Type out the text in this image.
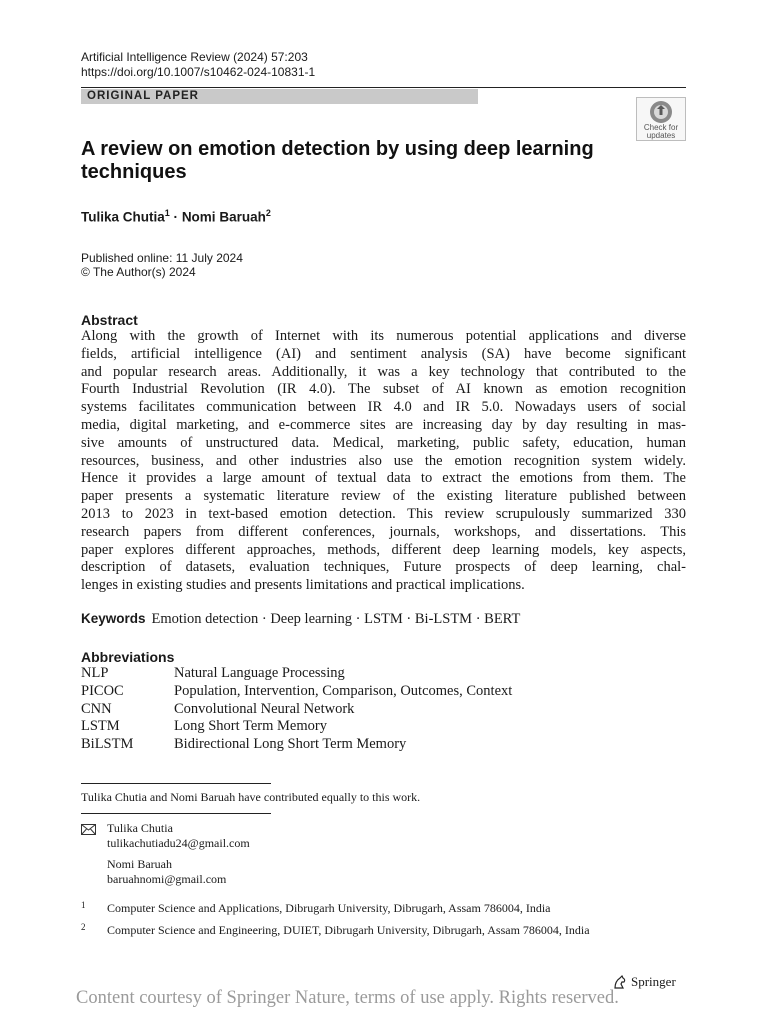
Artificial Intelligence Review (2024) 57:203
https://doi.org/10.1007/s10462-024-10831-1
ORIGINAL PAPER
Check for
updates
A review on emotion detection by using deep learning techniques
Tulika Chutia$^1$ · Nomi Baruah$^2$
Published online: 11 July 2024
© The Author(s) 2024
Abstract
Along with the growth of Internet with its numerous potential applications and diverse
fields, artificial intelligence (AI) and sentiment analysis (SA) have become significant
and popular research areas. Additionally, it was a key technology that contributed to the
Fourth Industrial Revolution (IR 4.0). The subset of AI known as emotion recognition
systems facilitates communication between IR 4.0 and IR 5.0. Nowadays users of social
media, digital marketing, and e-commerce sites are increasing day by day resulting in mas-
sive amounts of unstructured data. Medical, marketing, public safety, education, human
resources, business, and other industries also use the emotion recognition system widely.
Hence it provides a large amount of textual data to extract the emotions from them. The
paper presents a systematic literature review of the existing literature published between
2013 to 2023 in text-based emotion detection. This review scrupulously summarized 330
research papers from different conferences, journals, workshops, and dissertations. This
paper explores different approaches, methods, different deep learning models, key aspects,
description of datasets, evaluation techniques, Future prospects of deep learning, chal-
lenges in existing studies and presents limitations and practical implications.
Keywords Emotion detection · Deep learning · LSTM · Bi-LSTM · BERT
Abbreviations
NLP	Natural Language Processing
PICOC	Population, Intervention, Comparison, Outcomes, Context
CNN	Convolutional Neural Network
LSTM	Long Short Term Memory
BiLSTM	Bidirectional Long Short Term Memory
Tulika Chutia and Nomi Baruah have contributed equally to this work.
Tulika Chutia
tulikachutiadu24@gmail.com
Nomi Baruah
baruahnomi@gmail.com
1 Computer Science and Applications, Dibrugarh University, Dibrugarh, Assam 786004, India
2 Computer Science and Engineering, DUIET, Dibrugarh University, Dibrugarh, Assam 786004, India
Springer
Content courtesy of Springer Nature, terms of use apply. Rights reserved.
